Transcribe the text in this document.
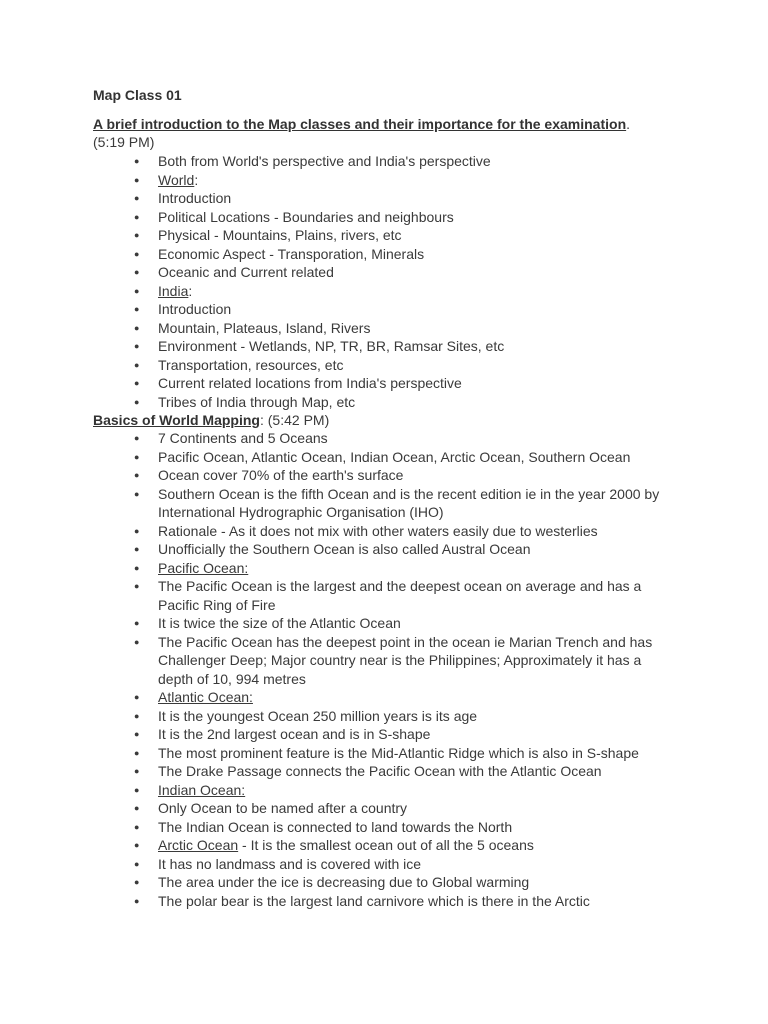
Map Class 01
A brief introduction to the Map classes and their importance for the examination.
(5:19 PM)
● Both from World's perspective and India's perspective
● World:
● Introduction
● Political Locations - Boundaries and neighbours
● Physical - Mountains, Plains, rivers, etc
● Economic Aspect - Transporation, Minerals
● Oceanic and Current related
● India:
● Introduction
● Mountain, Plateaus, Island, Rivers
● Environment - Wetlands, NP, TR, BR, Ramsar Sites, etc
● Transportation, resources, etc
● Current related locations from India's perspective
● Tribes of India through Map, etc
Basics of World Mapping: (5:42 PM)
● 7 Continents and 5 Oceans
● Pacific Ocean, Atlantic Ocean, Indian Ocean, Arctic Ocean, Southern Ocean
● Ocean cover 70% of the earth's surface
● Southern Ocean is the fifth Ocean and is the recent edition ie in the year 2000 by International Hydrographic Organisation (IHO)
● Rationale - As it does not mix with other waters easily due to westerlies
● Unofficially the Southern Ocean is also called Austral Ocean
● Pacific Ocean:
● The Pacific Ocean is the largest and the deepest ocean on average and has a Pacific Ring of Fire
● It is twice the size of the Atlantic Ocean
● The Pacific Ocean has the deepest point in the ocean ie Marian Trench and has Challenger Deep; Major country near is the Philippines; Approximately it has a depth of 10, 994 metres
● Atlantic Ocean:
● It is the youngest Ocean 250 million years is its age
● It is the 2nd largest ocean and is in S-shape
● The most prominent feature is the Mid-Atlantic Ridge which is also in S-shape
● The Drake Passage connects the Pacific Ocean with the Atlantic Ocean
● Indian Ocean:
● Only Ocean to be named after a country
● The Indian Ocean is connected to land towards the North
● Arctic Ocean - It is the smallest ocean out of all the 5 oceans
● It has no landmass and is covered with ice
● The area under the ice is decreasing due to Global warming
● The polar bear is the largest land carnivore which is there in the Arctic
